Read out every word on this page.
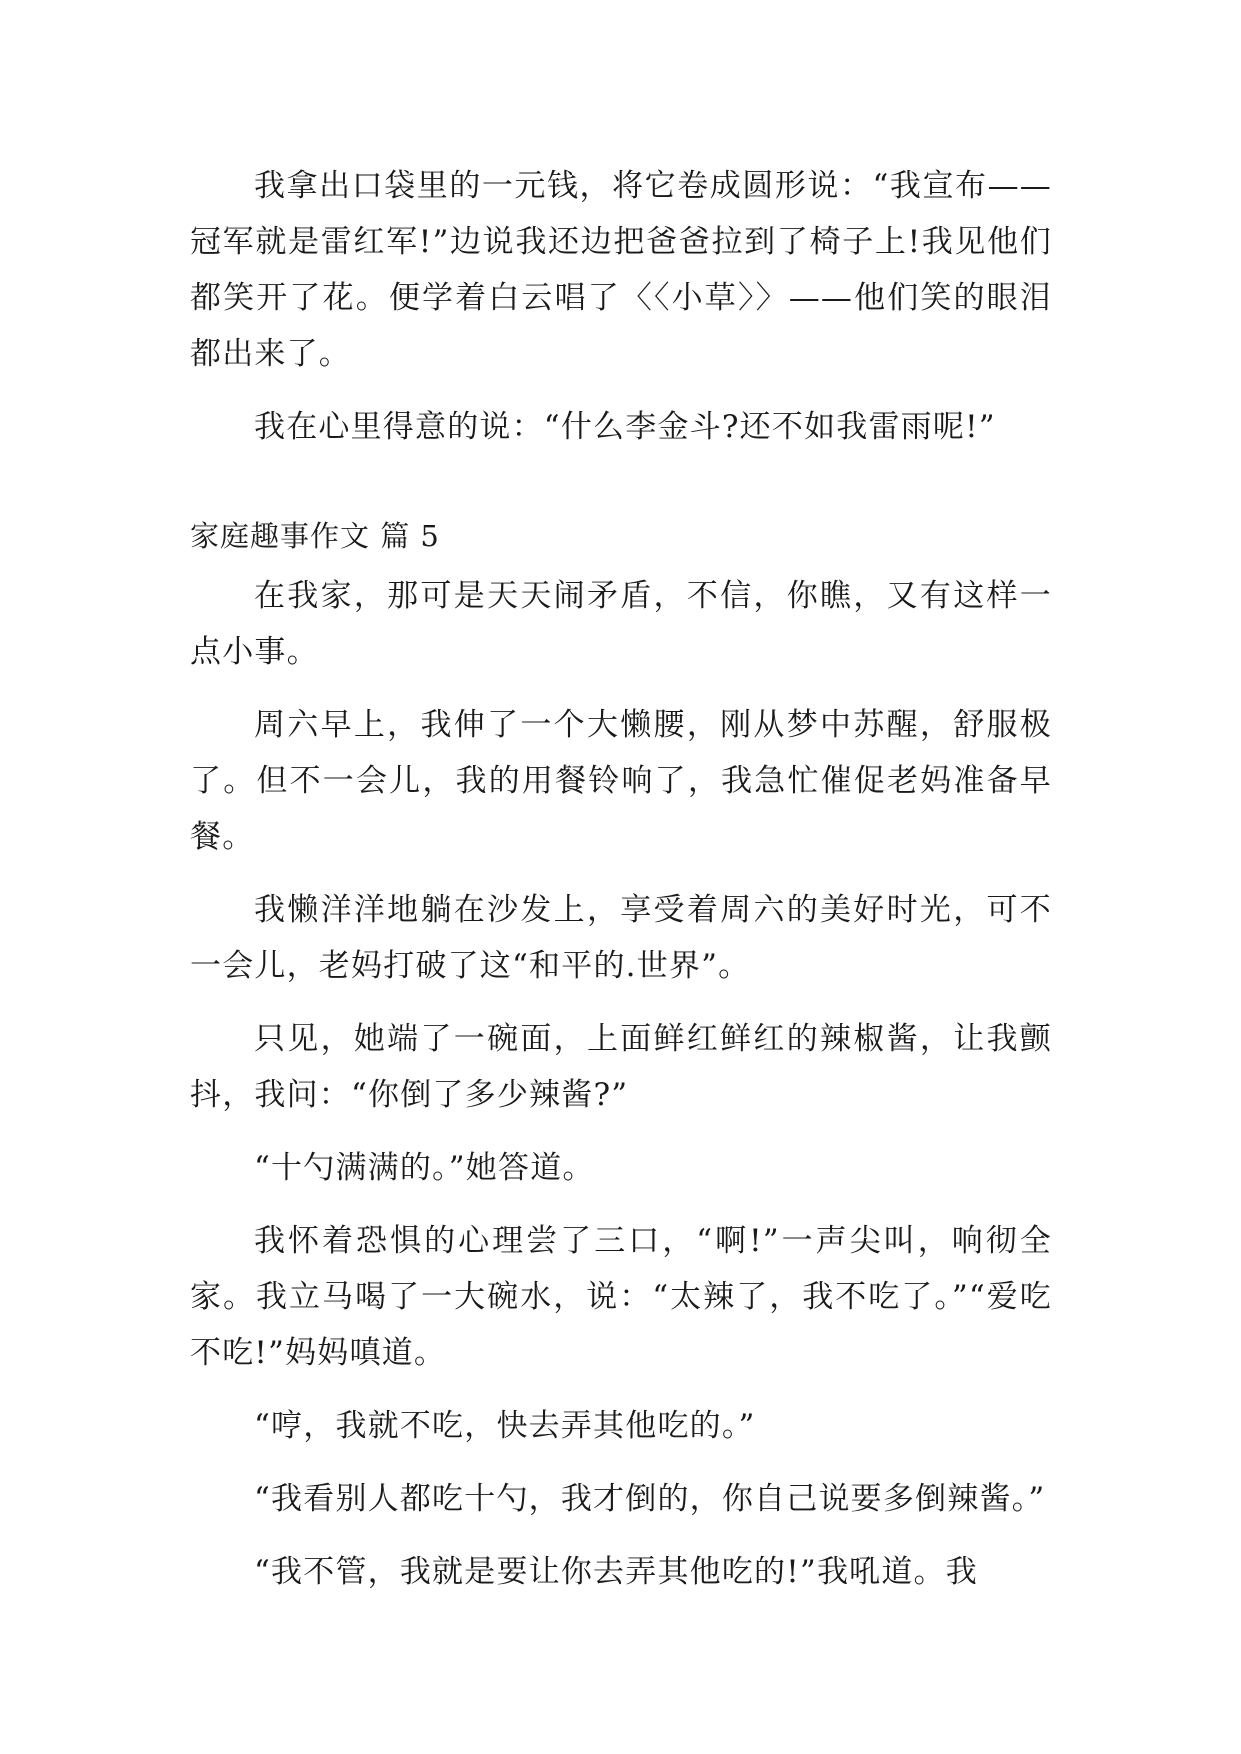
我拿出口袋里的一元钱，将它卷成圆形说：“我宣布——冠军就是雷红军!”边说我还边把爸爸拉到了椅子上!我见他们都笑开了花。便学着白云唱了〈〈小草〉〉——他们笑的眼泪都出来了。

我在心里得意的说：“什么李金斗?还不如我雷雨呢!”

家庭趣事作文 篇 5

在我家，那可是天天闹矛盾，不信，你瞧，又有这样一点小事。

周六早上，我伸了一个大懒腰，刚从梦中苏醒，舒服极了。但不一会儿，我的用餐铃响了，我急忙催促老妈准备早餐。

我懒洋洋地躺在沙发上，享受着周六的美好时光，可不一会儿，老妈打破了这“和平的.世界”。

只见，她端了一碗面，上面鲜红鲜红的辣椒酱，让我颤抖，我问：“你倒了多少辣酱?”

“十勺满满的。”她答道。

我怀着恐惧的心理尝了三口，“啊!”一声尖叫，响彻全家。我立马喝了一大碗水，说：“太辣了，我不吃了。”“爱吃不吃!”妈妈嗔道。

“哼，我就不吃，快去弄其他吃的。”

“我看别人都吃十勺，我才倒的，你自己说要多倒辣酱。”

“我不管，我就是要让你去弄其他吃的!”我吼道。我
